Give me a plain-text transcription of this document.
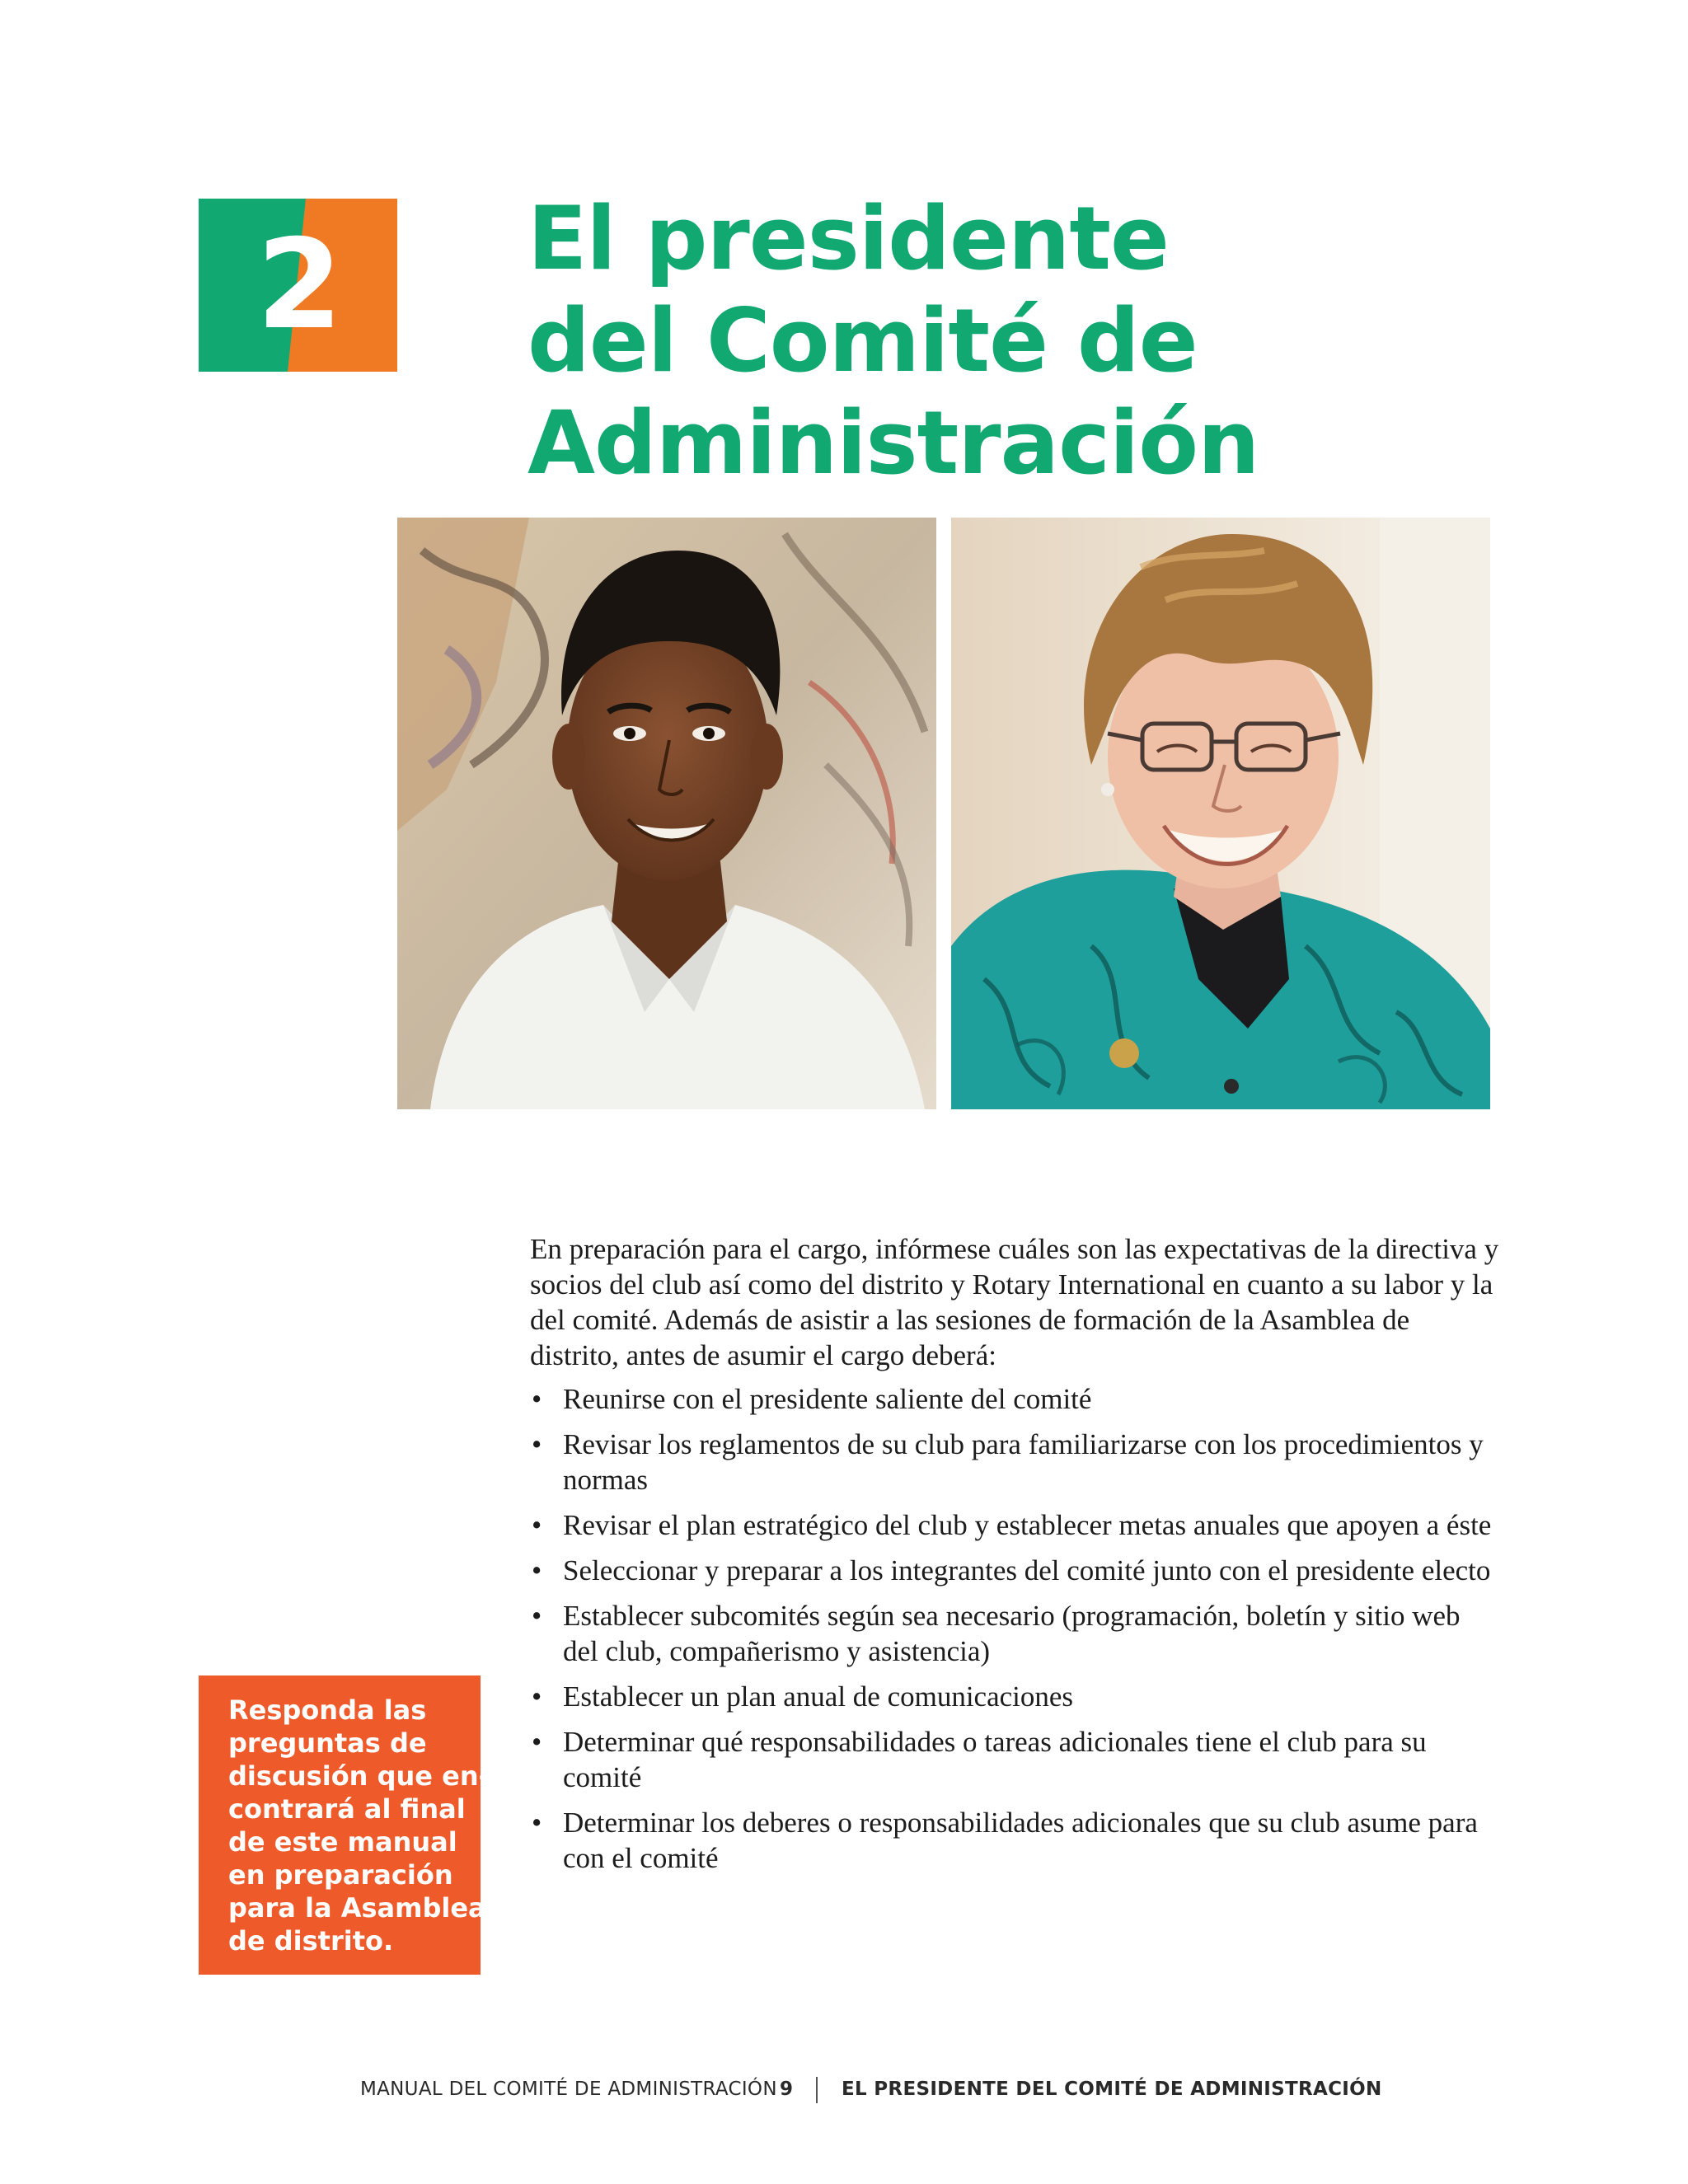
2	El presidente
del Comité de
Administración

En preparación para el cargo, infórmese cuáles son las expectativas de la directiva y socios del club así como del distrito y Rotary International en cuanto a su labor y la del comité. Además de asistir a las sesiones de formación de la Asamblea de distrito, antes de asumir el cargo deberá:

• Reunirse con el presidente saliente del comité
• Revisar los reglamentos de su club para familiarizarse con los procedimientos y normas
• Revisar el plan estratégico del club y establecer metas anuales que apoyen a éste
• Seleccionar y preparar a los integrantes del comité junto con el presidente electo
• Establecer subcomités según sea necesario (programación, boletín y sitio web del club, compañerismo y asistencia)
• Establecer un plan anual de comunicaciones
• Determinar qué responsabilidades o tareas adicionales tiene el club para su comité
• Determinar los deberes o responsabilidades adicionales que su club asume para con el comité
Responda las
preguntas de
discusión que en-
contrará al final
de este manual
en preparación
para la Asamblea
de distrito.
MANUAL DEL COMITÉ DE ADMINISTRACIÓN 9	EL PRESIDENTE DEL COMITÉ DE ADMINISTRACIÓN
